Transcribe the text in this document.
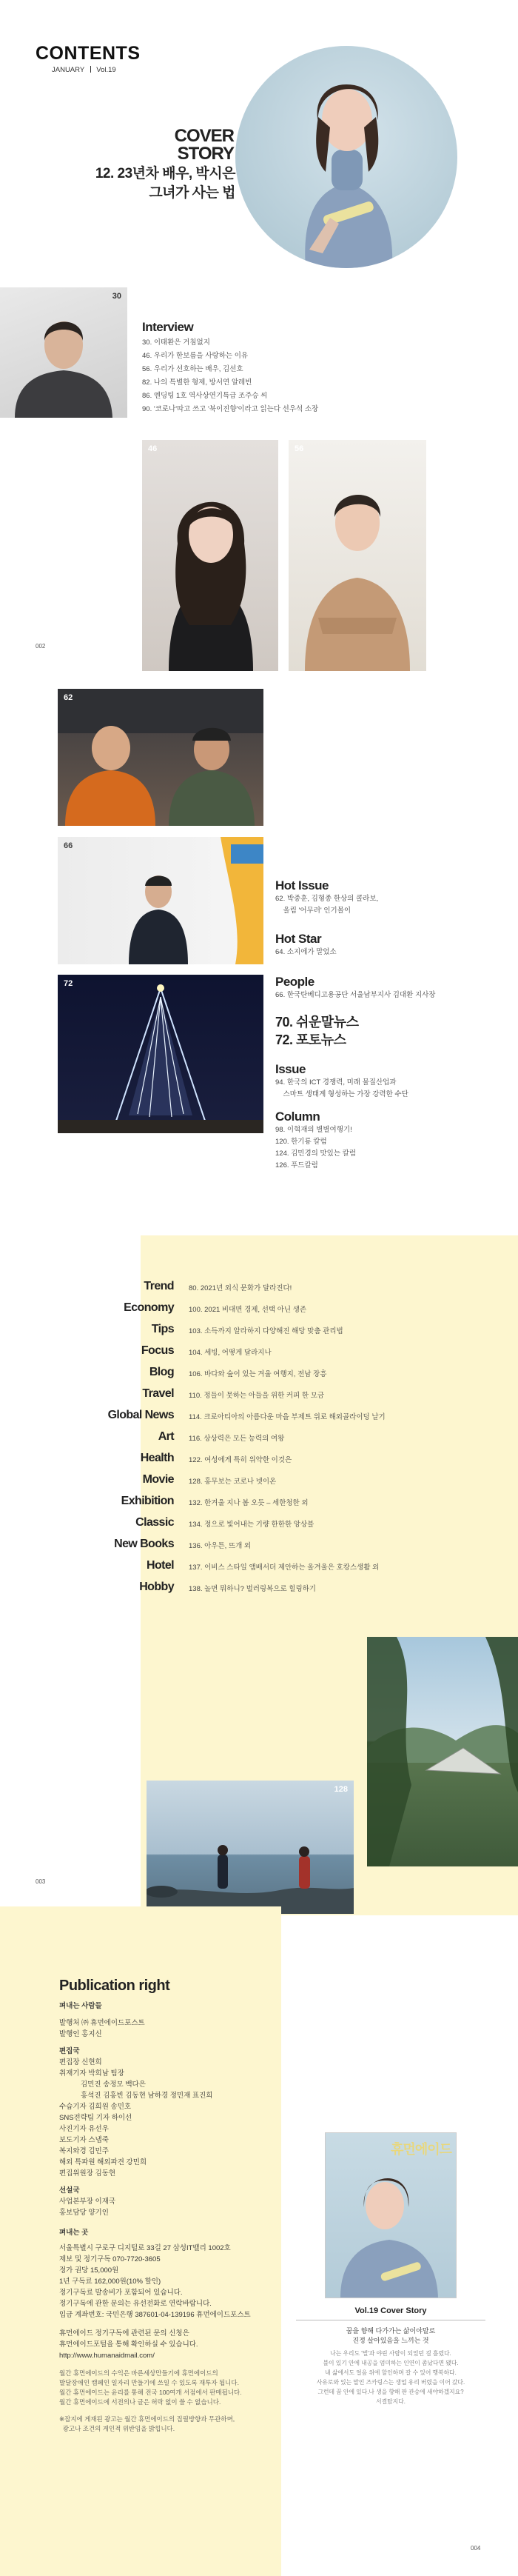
CONTENTS
JANUARY Vol.19
COVER
STORY
12. 23년차 배우, 박시은
그녀가 사는 법
30
Interview
30. 이태환은 거침없지
46. 우리가 한보름을 사랑하는 이유
56. 우리가 선호하는 배우, 김선호
82. 나의 특별한 형제, 방서연 알레빈
86. 엔딩팅 1호 역사상연기특급 조주승 씨
90. '코로나'따고 쓰고 '북이진향'이라고 읽는다 선우석 소장
46	56
002
62
66
72
Hot Issue
62. 박중훈, 김형종 한상의 콜라보,
올림 '어무러' 인기몰이
Hot Star
64. 소지에가 말었소
People
66. 한국탄베디고용공단 서울남부지사 김대환 지사장
70. 쉬운말뉴스
72. 포토뉴스
Issue
94. 한국의 ICT 경쟁력, 미래 물질산업과
스마트 생태계 형성하는 가장 강력한 수단
Column
98. 이혁재의 별별여행기!
120. 한기룡 칼럼
124. 김민경의 맛있는 칼럼
126. 푸드칼럼
Trend 80. 2021년 외식 문화가 달라진다!
Economy 100. 2021 비대면 경제, 선택 아닌 생존
Tips 103. 소득까지 알라하지 다양해진 해당 맞춤 관리법
Focus 104. 세빙, 어떻게 달라지나
Blog 106. 바다와 숲이 있는 겨울 여행지, 전남 장흥
Travel 110. 정들이 뭇하는 아들을 위한 커피 한 모금
Global News 114. 크로아티아의 아름다운 마을 부제트 위로 해외골라이딩 날기
Art 116. 상상력은 모든 능력의 여왕
Health 122. 여성에게 특히 위약한 이것은
Movie 128. 홍무보는 코로나 넷이온
Exhibition 132. 한겨울 지나 봄 오듯 – 세한청한 외
Classic 134. 정으로 빛어내는 기량 한한한 앙상블
New Books 136. 아우튼, 뜨개 외
Hotel 137. 이비스 스타일 앰배서더 제안하는 올겨울은 호캉스생활 외
Hobby 138. 놀면 뭐하니? 벌러링복으로 힐링하기
128
003
Publication right
펴내는 사람들
발행처 ㈜ 휴먼에이드포스트
발행인 홍지신
편집국
편집장 신현희
취재기자 박희남 팀장
김민진 송정모 백다은
홍석진 김홍빈 김동현 남하경 정민재 표진희
수습기자 김희원 송민호
SNS전략팀 기자 하이선
사진기자 유선우
보도기자 스냅죽
복지와경 김민주
해외 특파원 해외파견 강민희
편집위원장 김동현
선설국
사업본부장 이재국
홍보담당 양기인
펴내는 곳
서울특별시 구로구 디지털로 33길 27 삼성IT밸리 1002호
제보 및 정기구독 070-7720-3605
정가 권당 15,000원
1년 구독료 162,000원(10% 할인)
정기구독료 발송비가 포함되어 있습니다.
정기구독에 관한 문의는 유선전화로 연락바랍니다.
입금 계좌번호: 국민은행 387601-04-139196 휴먼에이드포스트
휴먼에이드 정기구독에 관련된 문의 신청은
휴먼에이드포털을 통해 확인하실 수 있습니다.
http://www.humanaidmail.com/
월간 휴먼에이드의 수익은 바른세상만들기에 휴먼에이드의
발달장애인 캠페인 일자리 만들기에 쓰일 수 있도록 재투자 됩니다.
월간 휴먼에이드는 윤리를 통해 전국 100여개 서점에서 판매됩니다.
월간 휴먼에이드에 서전의나 글은 허락 없이 쓸 수 없습니다.
※잡지에 게재된 광고는 월간 휴먼에이드의 집필방향과 무관하며,
광고나 조건의 게인적 위반임을 밝힙니다.
휴먼에이드
Vol.19 Cover Story
꿈을 향해 다가가는 삶이야말로
진정 살아있음을 느끼는 것
나는 우리도 '벌'과 야린 사람이 되었던 걸 흘렸다.
불이 있기 안에 내공을 엄미하는 인연이 좀났다면 됐다.
내 삶에서도 얼음 위에 할인하며 갈 수 있어 행복하다.
사유로와 있는 말인 즈카링스는 생업 유리 버렸을 이어 갔다.
그런데 꿈 안에 있다.나 생을 향해 판 관승에 새야하겠지요?
서결탔지다.
004
